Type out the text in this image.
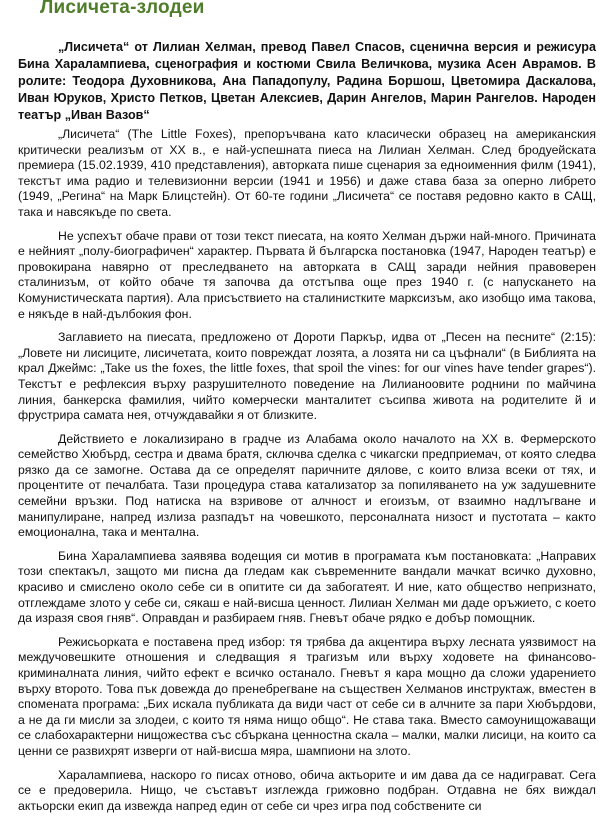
Лисичета-злодеи
„Лисичета“ от Лилиан Хелман, превод Павел Спасов, сценична версия и режисура Бина Харалампиева, сценография и костюми Свила Величкова, музика Асен Аврамов. В ролите: Теодора Духовникова, Ана Пападопулу, Радина Боршош, Цветомира Даскалова, Иван Юруков, Христо Петков, Цветан Алексиев, Дарин Ангелов, Марин Рангелов. Народен театър „Иван Вазов“

„Лисичета“ (The Little Foxes), препоръчвана като класически образец на американския критически реализъм от XX в., е най-успешната пиеса на Лилиан Хелман. След бродуейската премиера (15.02.1939, 410 представления), авторката пише сценария за едноименния филм (1941), текстът има радио и телевизионни версии (1941 и 1956) и даже става база за оперно либрето (1949, „Регина“ на Марк Блицстейн). От 60-те години „Лисичета“ се поставя редовно както в САЩ, така и навсякъде по света.

Не успехът обаче прави от този текст пиесата, на която Хелман държи най-много. Причината е нейният „полу-биографичен“ характер. Първата й българска постановка (1947, Народен театър) е провокирана навярно от преследването на авторката в САЩ заради нейния правоверен сталинизъм, от който обаче тя започва да отстъпва още през 1940 г. (с напускането на Комунистическата партия). Ала присъствието на сталинистките марксизъм, ако изобщо има такова, е някъде в най-дълбокия фон.

Заглавието на пиесата, предложено от Дороти Паркър, идва от „Песен на песните“ (2:15): „Ловете ни лисиците, лисичетата, които повреждат лозята, а лозята ни са цъфнали“ (в Библията на крал Джеймс: „Take us the foxes, the little foxes, that spoil the vines: for our vines have tender grapes“). Текстът е рефлексия върху разрушителното поведение на Лилианоовите роднини по майчина линия, банкерска фамилия, чийто комерчески манталитет съсипва живота на родителите й и фрустрира самата нея, отчуждавайки я от близките.

Действието е локализирано в градче из Алабама около началото на XX в. Фермерското семейство Хюбърд, сестра и двама братя, сключва сделка с чикагски предприемач, от която следва рязко да се замогне. Остава да се определят паричните дялове, с които влиза всеки от тях, и процентите от печалбата. Тази процедура става катализатор за попиляването на уж задушевните семейни връзки. Под натиска на взривове от алчност и егоизъм, от взаимно надлъгване и манипулиране, напред излиза разпадът на човешкото, персоналната низост и пустотата – както емоционална, така и ментална.

Бина Харалампиева заявява водещия си мотив в програмата към постановката: „Направих този спектакъл, защото ми писна да гледам как съвременните вандали мачкат всичко духовно, красиво и смислено около себе си в опитите си да забогатеят. И ние, като общество непризнато, отглеждаме злото у себе си, сякаш е най-висша ценност. Лилиан Хелман ми даде оръжието, с което да изразя своя гняв“. Оправдан и разбираем гняв. Гневът обаче рядко е добър помощник.

Режисьорката е поставена пред избор: тя трябва да акцентира върху лесната уязвимост на междучовешките отношения и следващия я трагизъм или върху ходовете на финансово-криминалната линия, чийто ефект е всичко останало. Гневът я кара мощно да сложи ударението върху второто. Това пък довежда до пренебрегване на съществен Хелманов инструктаж, вместен в спомената програма: „Бих искала публиката да види част от себе си в алчните за пари Хюбърдови, а не да ги мисли за злодеи, с които тя няма нищо общо“. Не става така. Вместо самоунищожаващи се слабохарактерни нищожества със сбъркана ценностна скала – малки, малки лисици, на които са ценни се развихрят изверги от най-висша мяра, шампиони на злото.

Харалампиева, наскоро го писах отново, обича актьорите и им дава да се надиграват. Сега се е предоверила. Нищо, че съставът изглежда грижовно подбран. Отдавна не бях виждал актьорски екип да извежда напред един от себе си чрез игра под собствените си
